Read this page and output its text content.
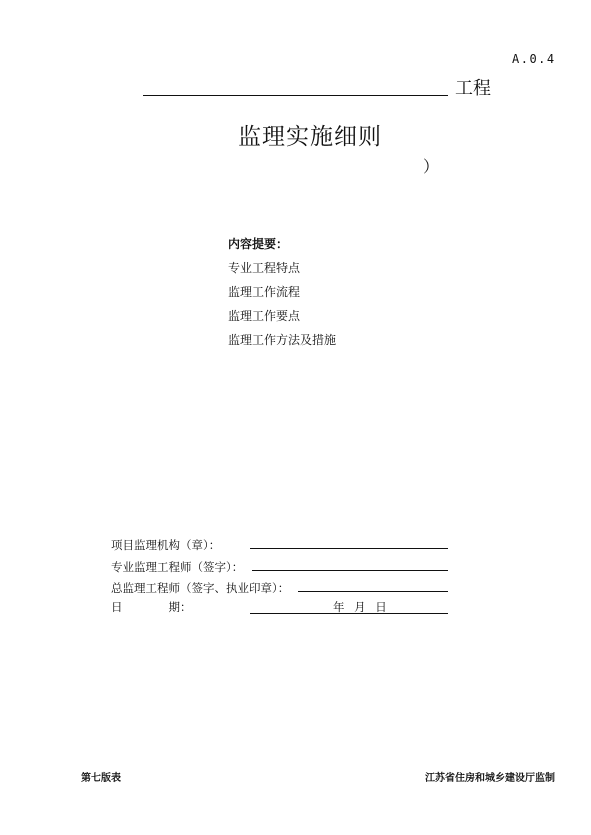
A.0.4
工程
监理实施细则
）
内容提要：
专业工程特点
监理工作流程
监理工作要点
监理工作方法及措施
项目监理机构（章）：
专业监理工程师（签字）：
总监理工程师（签字、执业印章）：
日　　　　期：	年 月 日
第七版表	江苏省住房和城乡建设厅监制
